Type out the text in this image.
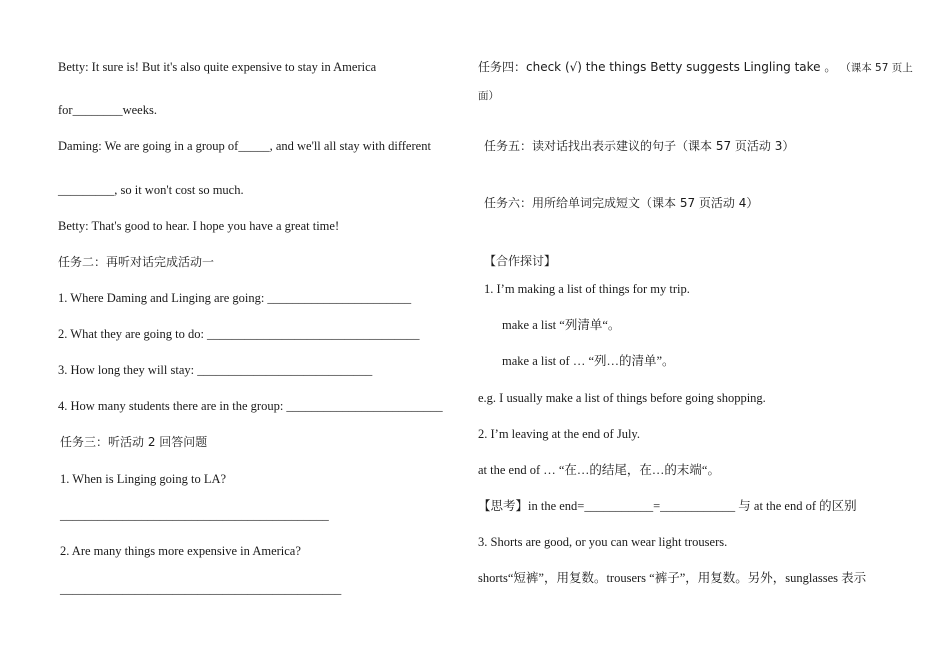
Betty: It sure is! But it's also quite expensive to stay in America
for________weeks.
Daming: We are going in a group of_____, and we'll all stay with different
_________, so it won't cost so much.
Betty: That's good to hear. I hope you have a great time!
任务二：再听对话完成活动一
1. Where Daming and Linging are going: _______________________
2. What they are going to do: __________________________________
3. How long they will stay: ____________________________
4. How many students there are in the group: _________________________
任务三：听活动 2 回答问题
1. When is Linging going to LA?
___________________________________________
2. Are many things more expensive in America?
_____________________________________________
任务四：check (√) the things Betty suggests Lingling take 。 （课本 57 页上
面）
任务五：读对话找出表示建议的句子（课本 57 页活动 3）
任务六：用所给单词完成短文（课本 57 页活动 4）
【合作探讨】
1. I’m making a list of things for my trip.
make a list “列清单“。
make a list of … “列…的清单”。
e.g. I usually make a list of things before going shopping.
2. I’m leaving at the end of July.
at the end of … “在…的结尾，在…的末端“。
【思考】in the end=___________=____________ 与 at the end of 的区别
3. Shorts are good, or you can wear light trousers.
shorts“短裤”，用复数。trousers “裤子”，用复数。另外，sunglasses 表示
